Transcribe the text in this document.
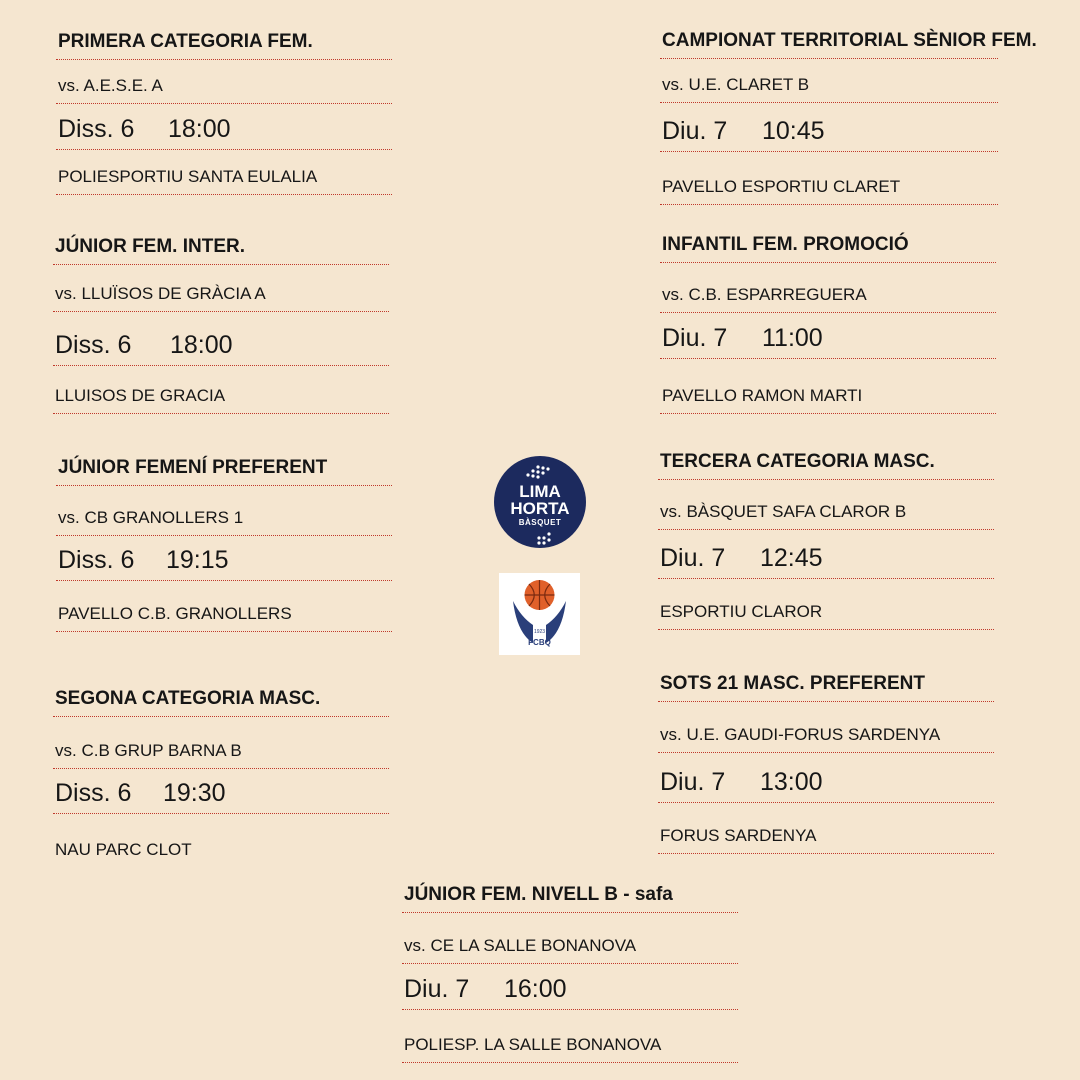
PRIMERA CATEGORIA FEM.
vs. A.E.S.E. A
Diss. 6 18:00
POLIESPORTIU SANTA EULALIA
JÚNIOR FEM. INTER.
vs. LLUÏSOS DE GRÀCIA A
Diss. 6 18:00
LLUISOS DE GRACIA
JÚNIOR FEMENÍ PREFERENT
vs. CB GRANOLLERS 1
Diss. 6 19:15
PAVELLO C.B. GRANOLLERS
SEGONA CATEGORIA MASC.
vs. C.B GRUP BARNA B
Diss. 6 19:30
NAU PARC CLOT
CAMPIONAT TERRITORIAL SÈNIOR FEM.
vs. U.E. CLARET B
Diu. 7 10:45
PAVELLO ESPORTIU CLARET
INFANTIL FEM. PROMOCIÓ
vs. C.B. ESPARREGUERA
Diu. 7 11:00
PAVELLO RAMON MARTI
TERCERA CATEGORIA MASC.
vs. BÀSQUET SAFA CLAROR B
Diu. 7 12:45
ESPORTIU CLAROR
SOTS 21 MASC. PREFERENT
vs. U.E. GAUDI-FORUS SARDENYA
Diu. 7 13:00
FORUS SARDENYA
JÚNIOR FEM. NIVELL B - safa
vs. CE LA SALLE BONANOVA
Diu. 7 16:00
POLIESP. LA SALLE BONANOVA
LIMA
HORTA
BÀSQUET
1923
FCBQ
